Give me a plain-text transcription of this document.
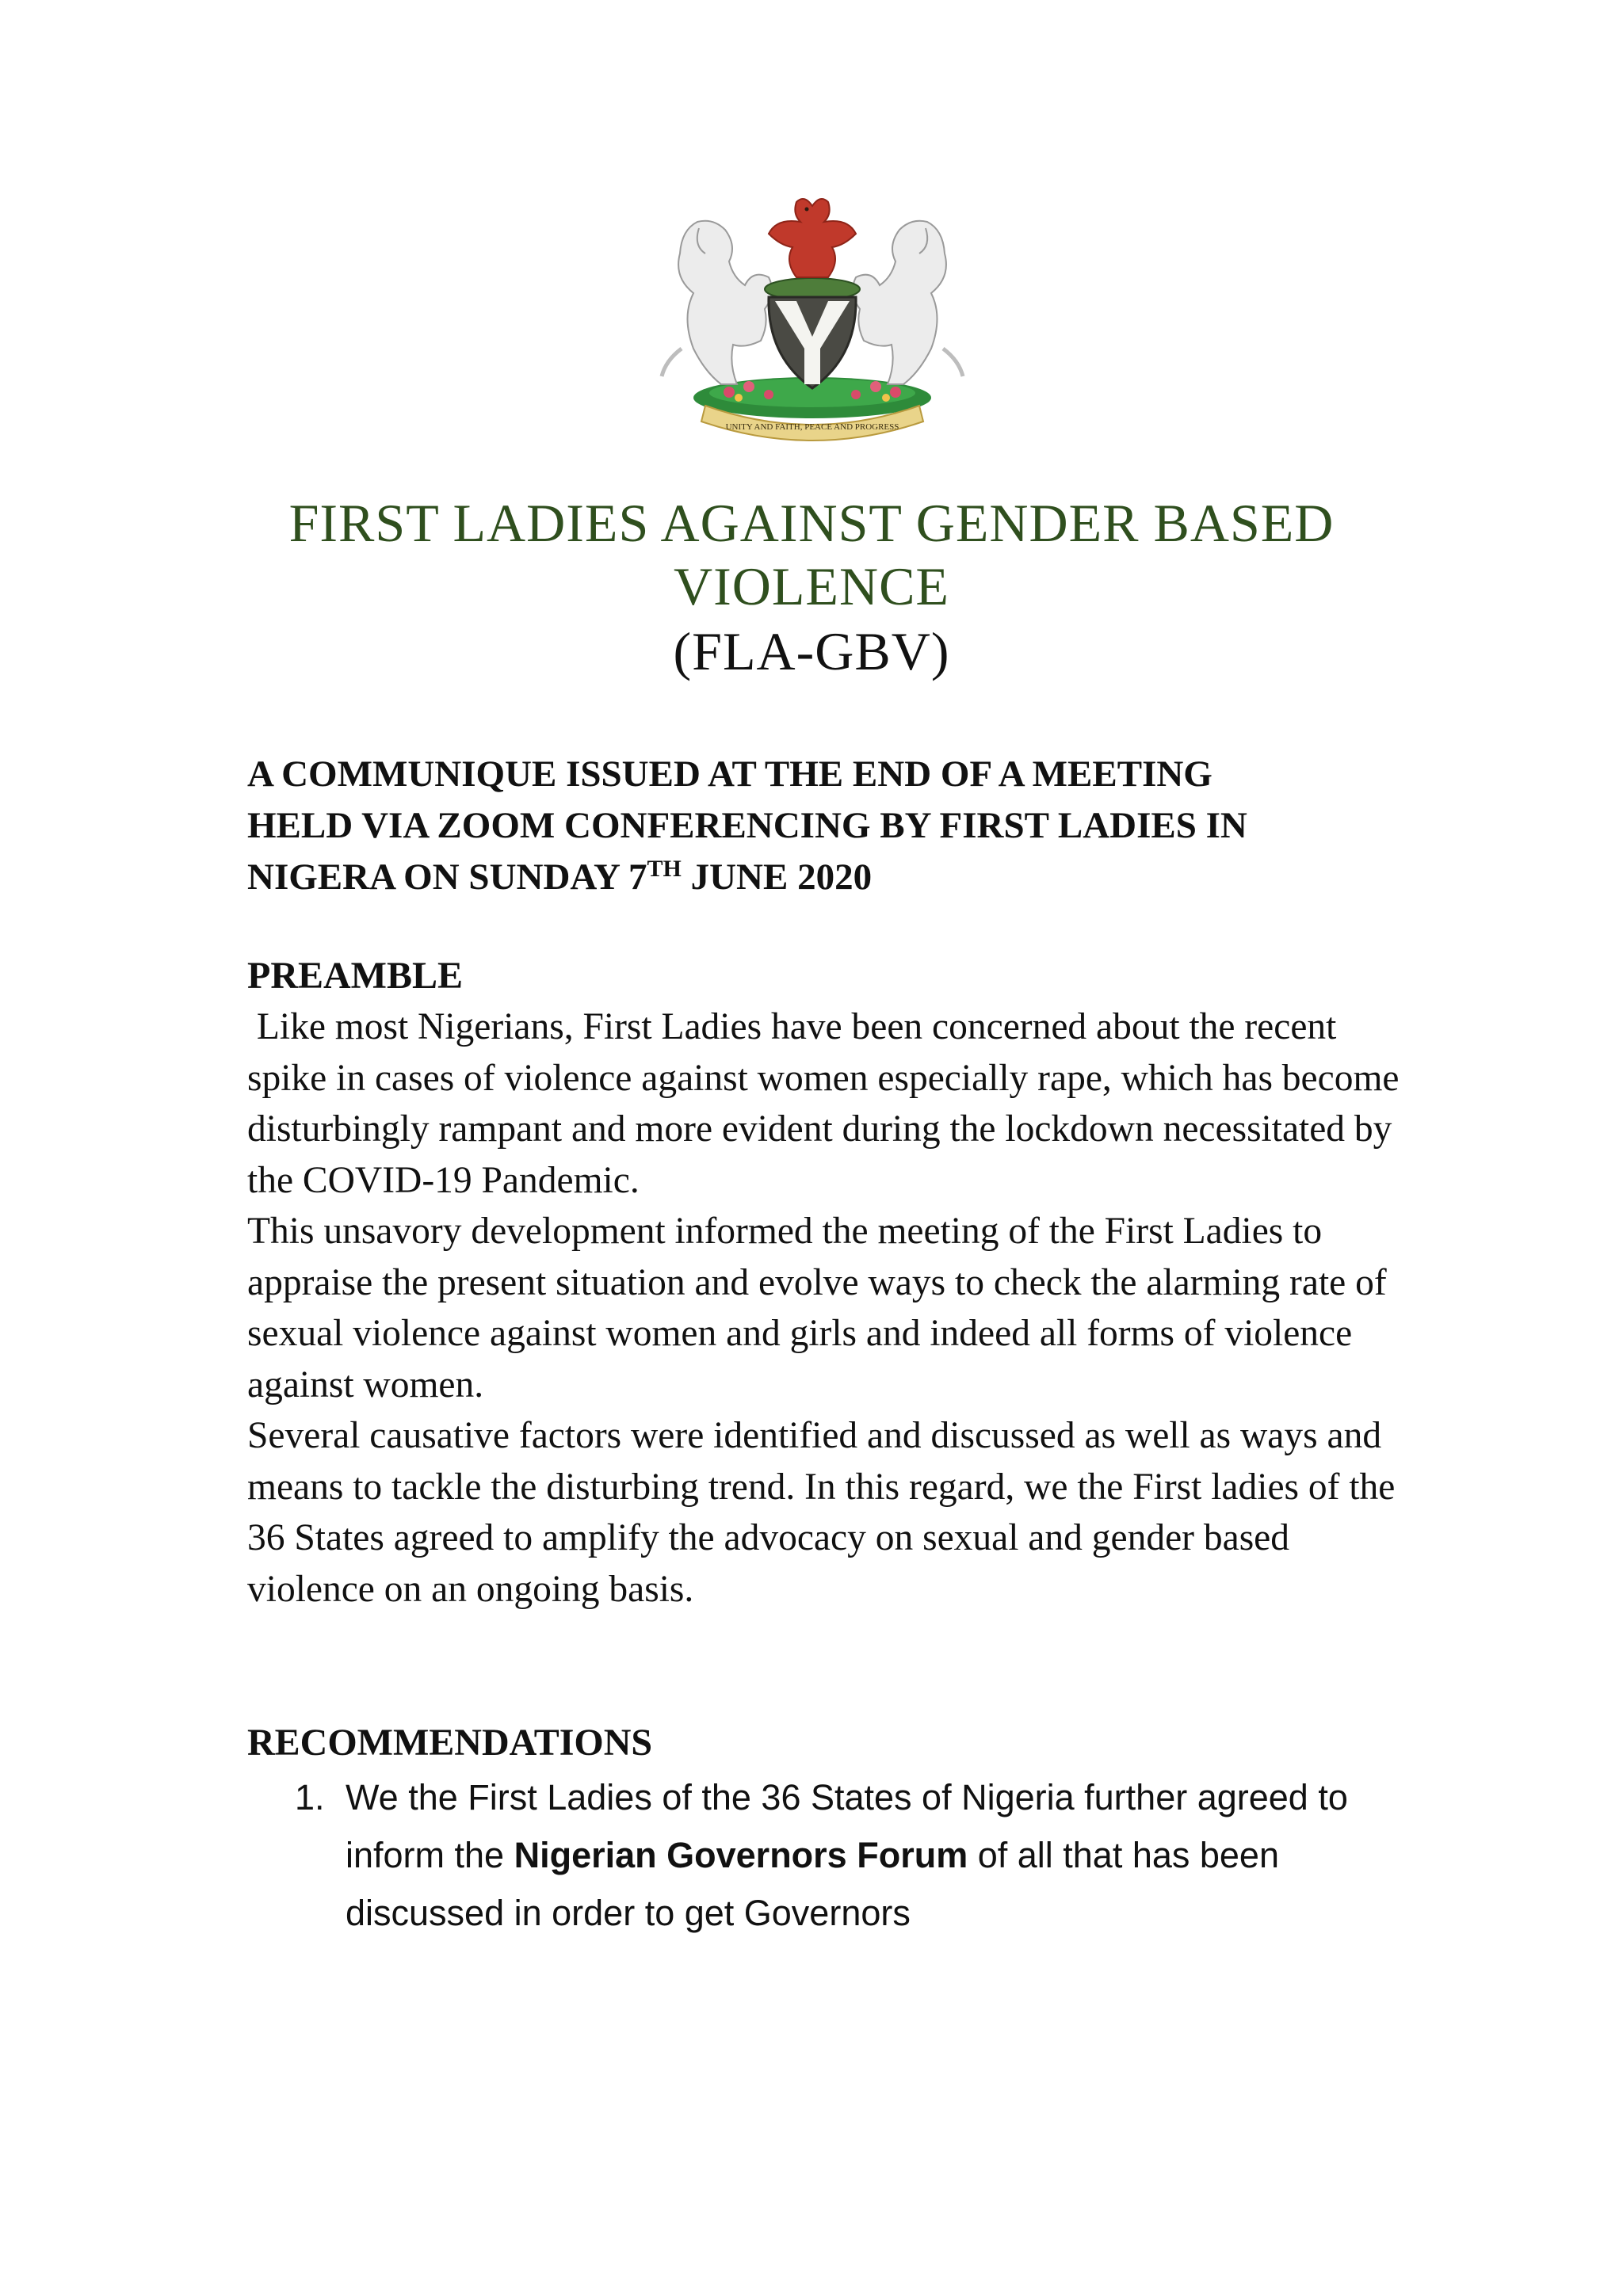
UNITY AND FAITH, PEACE AND PROGRESS
FIRST LADIES AGAINST GENDER BASED
VIOLENCE
(FLA-GBV)

A COMMUNIQUE ISSUED AT THE END OF A MEETING

HELD VIA ZOOM CONFERENCING BY FIRST LADIES IN

NIGERA ON SUNDAY 7TH JUNE 2020

PREAMBLE

Like most Nigerians, First Ladies have been concerned about the recent spike in cases of violence against women especially rape, which has become disturbingly rampant and more evident during the lockdown necessitated by the COVID-19 Pandemic.

This unsavory development informed the meeting of the First Ladies to appraise the present situation and evolve ways to check the alarming rate of sexual violence against women and girls and indeed all forms of violence against women.

Several causative factors were identified and discussed as well as ways and means to tackle the disturbing trend. In this regard, we the First ladies of the 36 States agreed to amplify the advocacy on sexual and gender based violence on an ongoing basis.

RECOMMENDATIONS

1. We the First Ladies of the 36 States of Nigeria further agreed to inform the Nigerian Governors Forum of all that has been discussed in order to get Governors
